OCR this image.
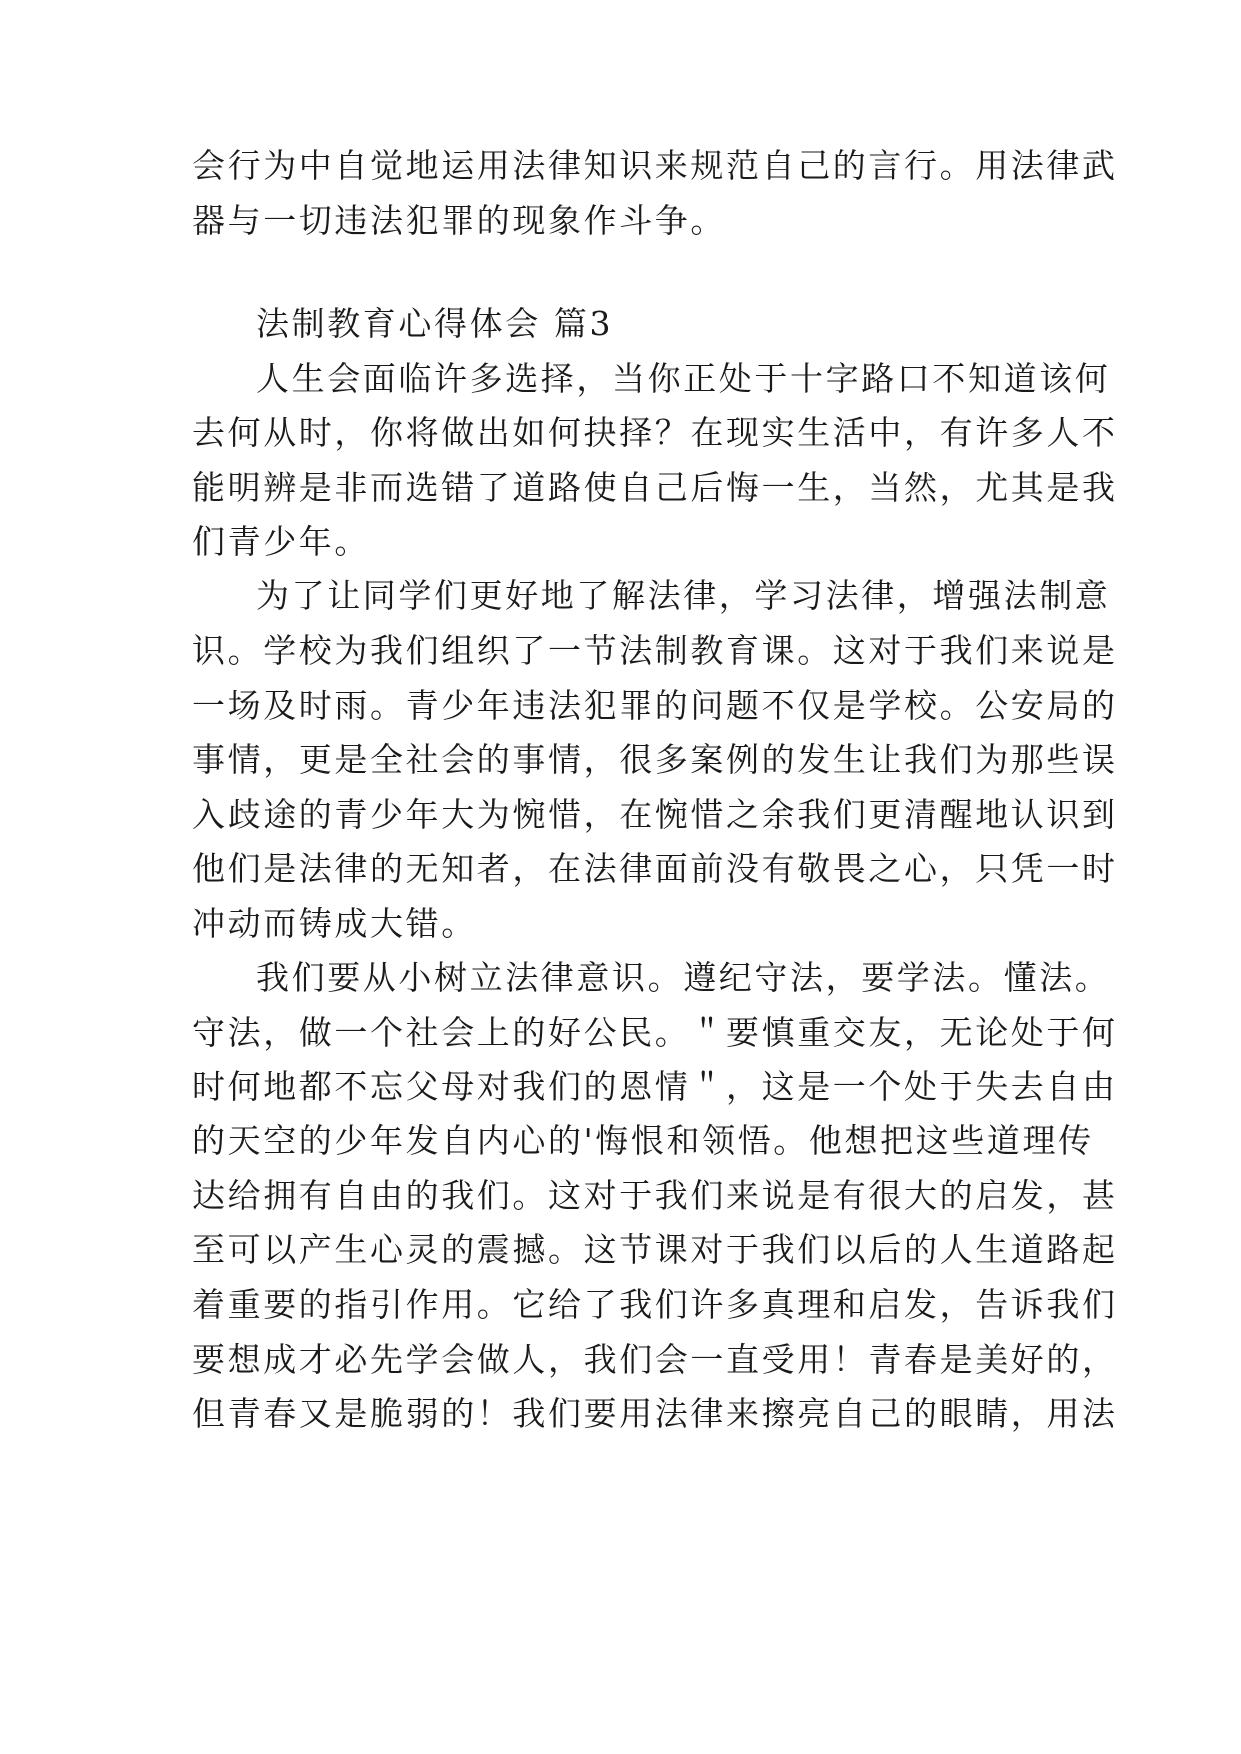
会行为中自觉地运用法律知识来规范自己的言行。用法律武
器与一切违法犯罪的现象作斗争。
法制教育心得体会 篇3
人生会面临许多选择，当你正处于十字路口不知道该何
去何从时，你将做出如何抉择？在现实生活中，有许多人不
能明辨是非而选错了道路使自己后悔一生，当然，尤其是我
们青少年。
为了让同学们更好地了解法律，学习法律，增强法制意
识。学校为我们组织了一节法制教育课。这对于我们来说是
一场及时雨。青少年违法犯罪的问题不仅是学校。公安局的
事情，更是全社会的事情，很多案例的发生让我们为那些误
入歧途的青少年大为惋惜，在惋惜之余我们更清醒地认识到
他们是法律的无知者，在法律面前没有敬畏之心，只凭一时
冲动而铸成大错。
我们要从小树立法律意识。遵纪守法，要学法。懂法。
守法，做一个社会上的好公民。＂要慎重交友，无论处于何
时何地都不忘父母对我们的恩情＂，这是一个处于失去自由
的天空的少年发自内心的'悔恨和领悟。他想把这些道理传
达给拥有自由的我们。这对于我们来说是有很大的启发，甚
至可以产生心灵的震撼。这节课对于我们以后的人生道路起
着重要的指引作用。它给了我们许多真理和启发，告诉我们
要想成才必先学会做人，我们会一直受用！青春是美好的，
但青春又是脆弱的！我们要用法律来擦亮自己的眼睛，用法
